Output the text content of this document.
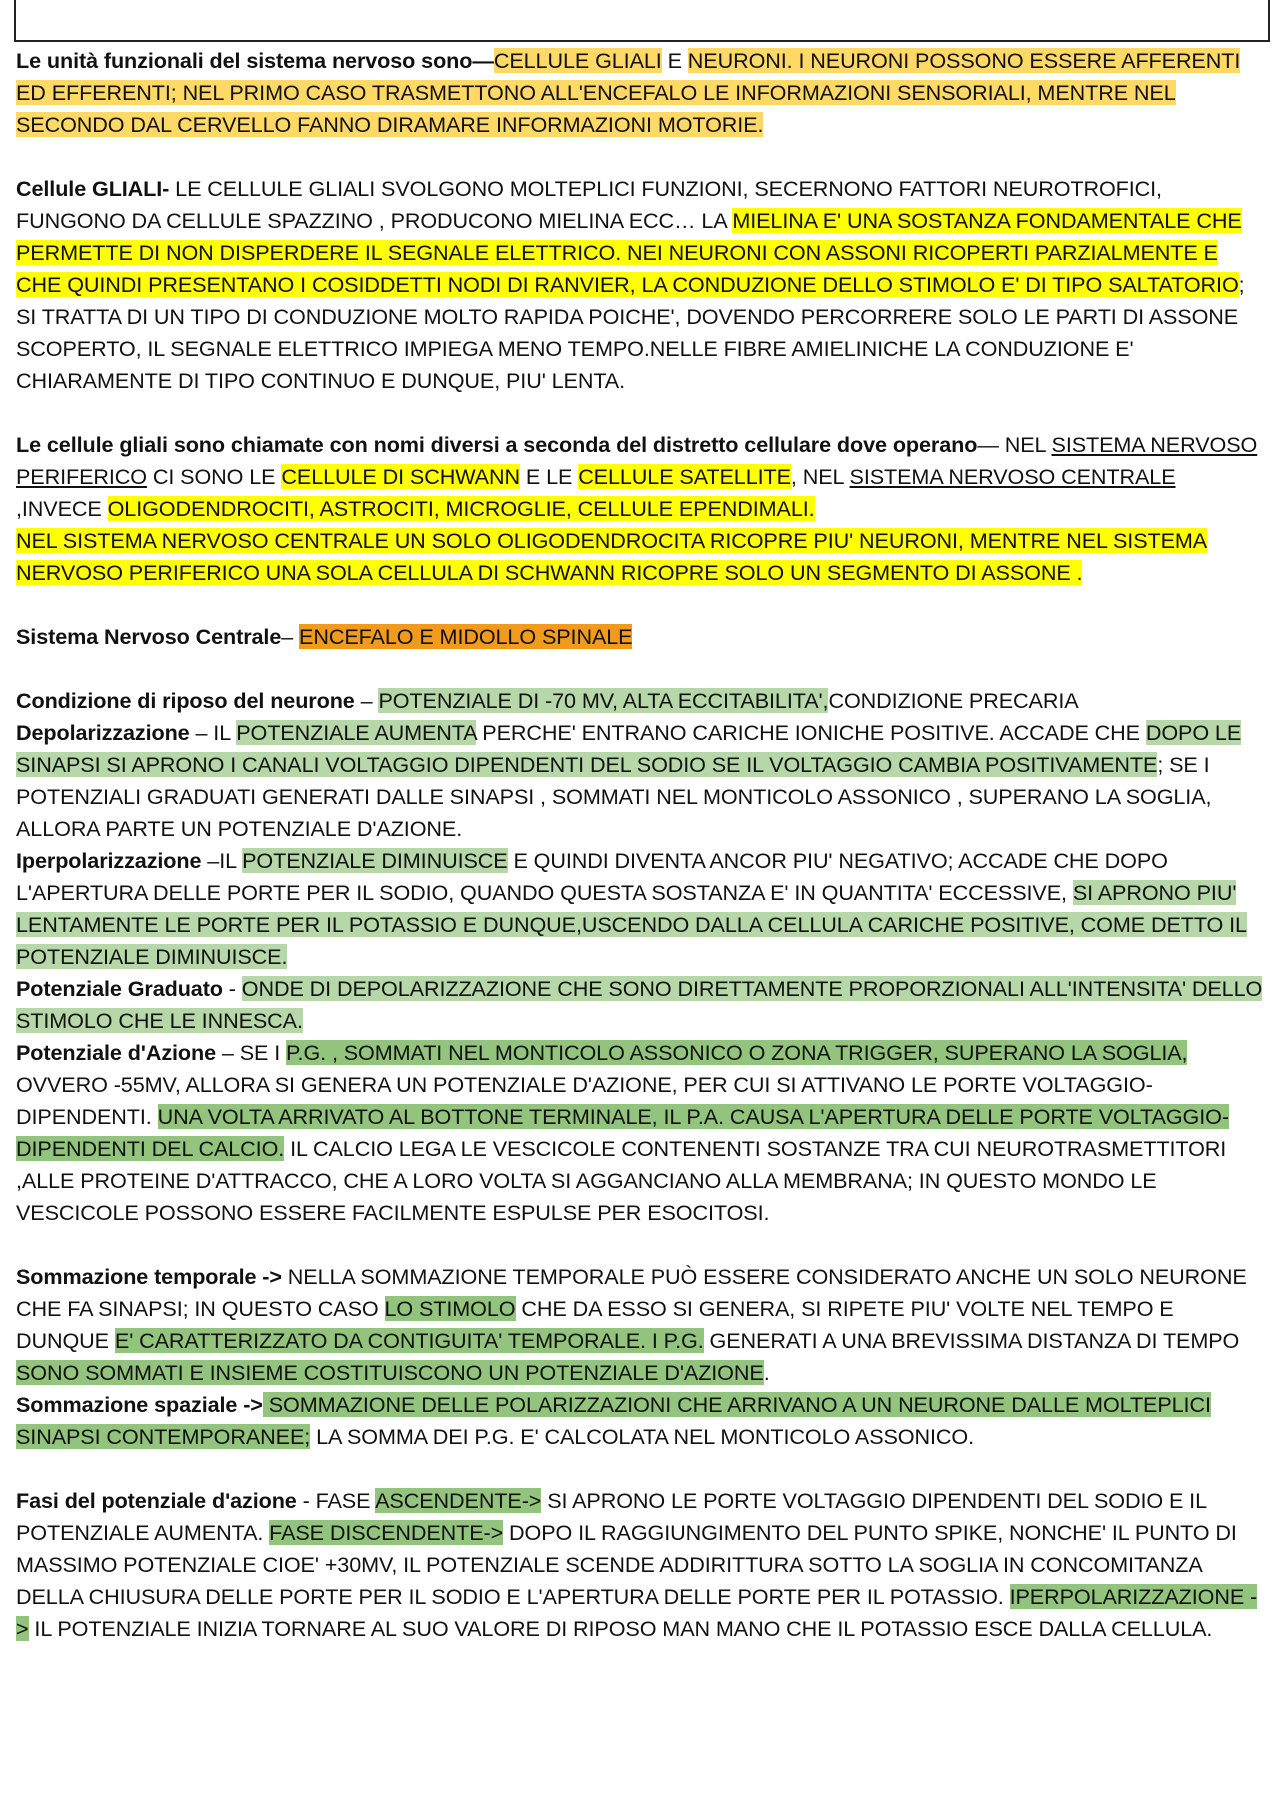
Le unità funzionali del sistema nervoso sono—CELLULE GLIALI E NEURONI. I NEURONI POSSONO ESSERE AFFERENTI ED EFFERENTI; NEL PRIMO CASO TRASMETTONO ALL'ENCEFALO LE INFORMAZIONI SENSORIALI, MENTRE NEL SECONDO DAL CERVELLO FANNO DIRAMARE INFORMAZIONI MOTORIE.

Cellule GLIALI- LE CELLULE GLIALI SVOLGONO MOLTEPLICI FUNZIONI, SECERNONO FATTORI NEUROTROFICI, FUNGONO DA CELLULE SPAZZINO , PRODUCONO MIELINA ECC… LA MIELINA E' UNA SOSTANZA FONDAMENTALE CHE PERMETTE DI NON DISPERDERE IL SEGNALE ELETTRICO. NEI NEURONI CON ASSONI RICOPERTI PARZIALMENTE E CHE QUINDI PRESENTANO I COSIDDETTI NODI DI RANVIER, LA CONDUZIONE DELLO STIMOLO E' DI TIPO SALTATORIO; SI TRATTA DI UN TIPO DI CONDUZIONE MOLTO RAPIDA POICHE', DOVENDO PERCORRERE SOLO LE PARTI DI ASSONE SCOPERTO, IL SEGNALE ELETTRICO IMPIEGA MENO TEMPO.NELLE FIBRE AMIELINICHE LA CONDUZIONE E' CHIARAMENTE DI TIPO CONTINUO E DUNQUE, PIU' LENTA.

Le cellule gliali sono chiamate con nomi diversi a seconda del distretto cellulare dove operano— NEL SISTEMA NERVOSO PERIFERICO CI SONO LE CELLULE DI SCHWANN E LE CELLULE SATELLITE, NEL SISTEMA NERVOSO CENTRALE ,INVECE OLIGODENDROCITI, ASTROCITI, MICROGLIE, CELLULE EPENDIMALI.
NEL SISTEMA NERVOSO CENTRALE UN SOLO OLIGODENDROCITA RICOPRE PIU' NEURONI, MENTRE NEL SISTEMA NERVOSO PERIFERICO UNA SOLA CELLULA DI SCHWANN RICOPRE SOLO UN SEGMENTO DI ASSONE .

Sistema Nervoso Centrale– ENCEFALO E MIDOLLO SPINALE

Condizione di riposo del neurone – POTENZIALE DI -70 MV, ALTA ECCITABILITA',CONDIZIONE PRECARIA
Depolarizzazione – IL POTENZIALE AUMENTA PERCHE' ENTRANO CARICHE IONICHE POSITIVE. ACCADE CHE DOPO LE SINAPSI SI APRONO I CANALI VOLTAGGIO DIPENDENTI DEL SODIO SE IL VOLTAGGIO CAMBIA POSITIVAMENTE; SE I POTENZIALI GRADUATI GENERATI DALLE SINAPSI , SOMMATI NEL MONTICOLO ASSONICO , SUPERANO LA SOGLIA, ALLORA PARTE UN POTENZIALE D'AZIONE.
Iperpolarizzazione –IL POTENZIALE DIMINUISCE E QUINDI DIVENTA ANCOR PIU' NEGATIVO; ACCADE CHE DOPO L'APERTURA DELLE PORTE PER IL SODIO, QUANDO QUESTA SOSTANZA E' IN QUANTITA' ECCESSIVE, SI APRONO PIU' LENTAMENTE LE PORTE PER IL POTASSIO E DUNQUE,USCENDO DALLA CELLULA CARICHE POSITIVE, COME DETTO IL POTENZIALE DIMINUISCE.
Potenziale Graduato - ONDE DI DEPOLARIZZAZIONE CHE SONO DIRETTAMENTE PROPORZIONALI ALL'INTENSITA' DELLO STIMOLO CHE LE INNESCA.
Potenziale d'Azione – SE I P.G. , SOMMATI NEL MONTICOLO ASSONICO O ZONA TRIGGER, SUPERANO LA SOGLIA, OVVERO -55MV, ALLORA SI GENERA UN POTENZIALE D'AZIONE, PER CUI SI ATTIVANO LE PORTE VOLTAGGIO- DIPENDENTI. UNA VOLTA ARRIVATO AL BOTTONE TERMINALE, IL P.A. CAUSA L'APERTURA DELLE PORTE VOLTAGGIO-DIPENDENTI DEL CALCIO. IL CALCIO LEGA LE VESCICOLE CONTENENTI SOSTANZE TRA CUI NEUROTRASMETTITORI ,ALLE PROTEINE D'ATTRACCO, CHE A LORO VOLTA SI AGGANCIANO ALLA MEMBRANA; IN QUESTO MONDO LE VESCICOLE POSSONO ESSERE FACILMENTE ESPULSE PER ESOCITOSI.

Sommazione temporale -> NELLA SOMMAZIONE TEMPORALE PUÒ ESSERE CONSIDERATO ANCHE UN SOLO NEURONE CHE FA SINAPSI; IN QUESTO CASO LO STIMOLO CHE DA ESSO SI GENERA, SI RIPETE PIU' VOLTE NEL TEMPO E DUNQUE E' CARATTERIZZATO DA CONTIGUITA' TEMPORALE. I P.G. GENERATI A UNA BREVISSIMA DISTANZA DI TEMPO SONO SOMMATI E INSIEME COSTITUISCONO UN POTENZIALE D'AZIONE.
Sommazione spaziale -> SOMMAZIONE DELLE POLARIZZAZIONI CHE ARRIVANO A UN NEURONE DALLE MOLTEPLICI SINAPSI CONTEMPORANEE; LA SOMMA DEI P.G. E' CALCOLATA NEL MONTICOLO ASSONICO.

Fasi del potenziale d'azione - FASE ASCENDENTE-> SI APRONO LE PORTE VOLTAGGIO DIPENDENTI DEL SODIO E IL POTENZIALE AUMENTA. FASE DISCENDENTE-> DOPO IL RAGGIUNGIMENTO DEL PUNTO SPIKE, NONCHE' IL PUNTO DI MASSIMO POTENZIALE CIOE' +30MV, IL POTENZIALE SCENDE ADDIRITTURA SOTTO LA SOGLIA IN CONCOMITANZA DELLA CHIUSURA DELLE PORTE PER IL SODIO E L'APERTURA DELLE PORTE PER IL POTASSIO. IPERPOLARIZZAZIONE -> IL POTENZIALE INIZIA TORNARE AL SUO VALORE DI RIPOSO MAN MANO CHE IL POTASSIO ESCE DALLA CELLULA.
